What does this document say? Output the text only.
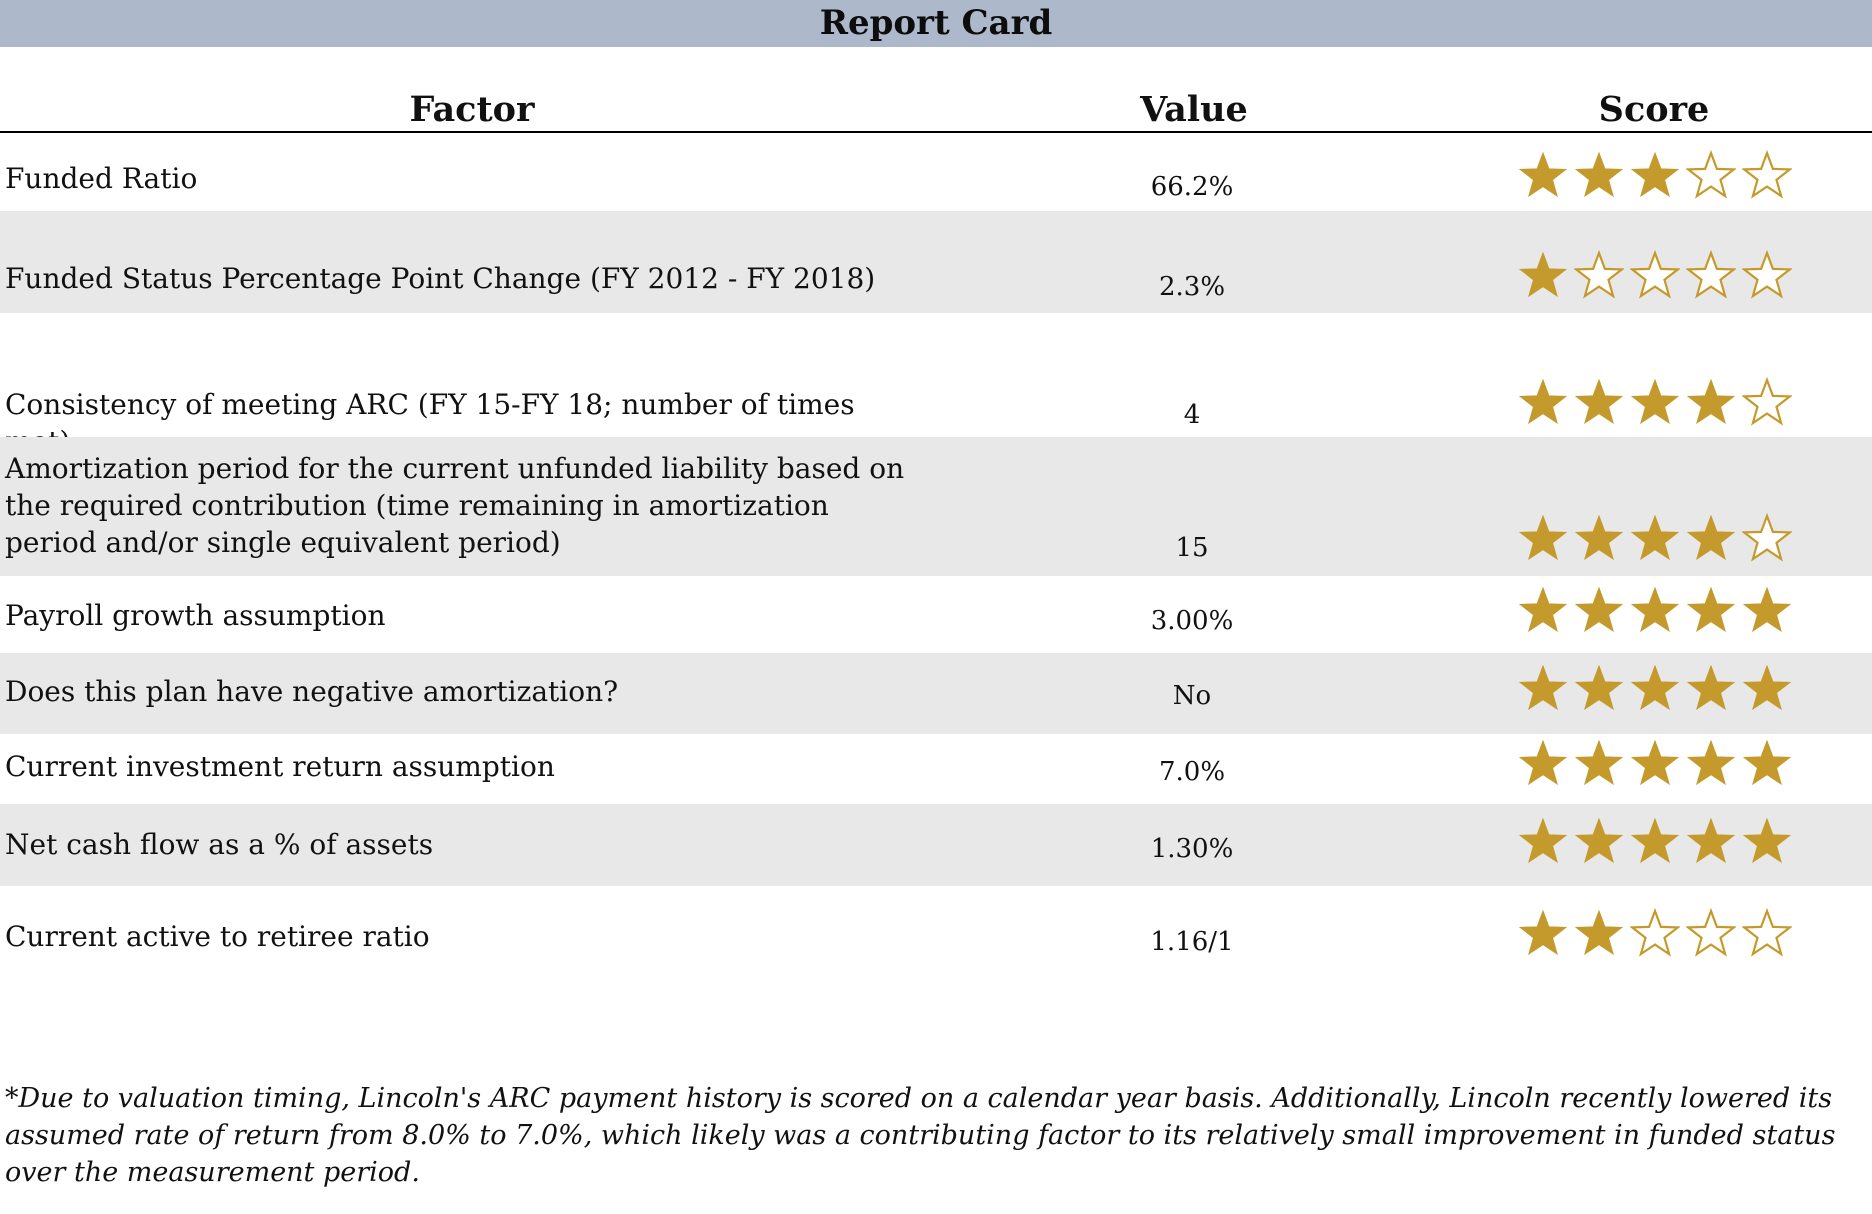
Report Card
Factor	Value	Score
Funded Ratio	66.2%
Funded Status Percentage Point Change (FY 2012 - FY 2018)	2.3%
Consistency of meeting ARC (FY 15-FY 18; number of times	4
Amortization period for the current unfunded liability based on the required contribution (time remaining in amortization period and/or single equivalent period)	15
Payroll growth assumption	3.00%
Does this plan have negative amortization?	No
Current investment return assumption	7.0%
Net cash flow as a % of assets	1.30%
Current active to retiree ratio	1.16/1
*Due to valuation timing, Lincoln's ARC payment history is scored on a calendar year basis. Additionally, Lincoln recently lowered its assumed rate of return from 8.0% to 7.0%, which likely was a contributing factor to its relatively small improvement in funded status over the measurement period.
